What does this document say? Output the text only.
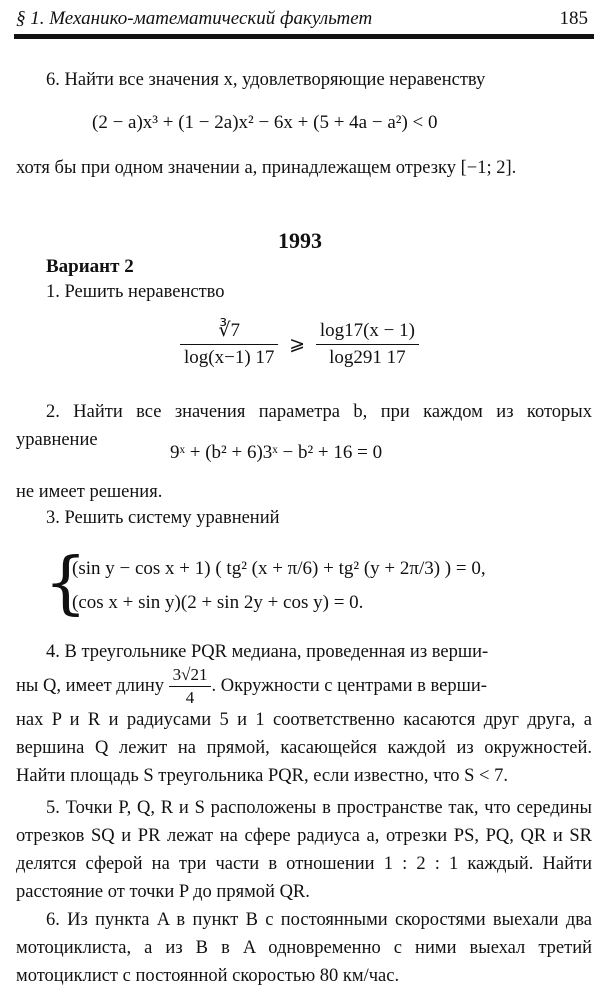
§ 1. Механико-математический факультет	185
6. Найти все значения x, удовлетворяющие неравенству
(2 − a)x³ + (1 − 2a)x² − 6x + (5 + 4a − a²) < 0
хотя бы при одном значении a, принадлежащем отрезку [−1; 2].
1993
Вариант 2
1. Решить неравенство
$\frac{∛7}{\log(x-1) 17}$ ⩾ $\frac{\log 17(x - 1)}{\log 291 17}$
2. Найти все значения параметра b, при каждом из которых уравнение
9ˣ + (b² + 6)3ˣ − b² + 16 = 0
не имеет решения.
3. Решить систему уравнений
{
(sin y − cos x + 1) ( tg² (x + π/6) + tg² (y + 2π/3) ) = 0,
(cos x + sin y)(2 + sin 2y + cos y) = 0.
4. В треугольнике PQR медиана, проведенная из верши-
ны Q, имеет длину $\frac{3√21}{4}$ . Окружности с центрами в верши-
нах P и R и радиусами 5 и 1 соответственно касаются друг друга, а вершина Q лежит на прямой, касающейся каждой из окружностей. Найти площадь S треугольника PQR, если известно, что S < 7.
5. Точки P, Q, R и S расположены в пространстве так, что середины отрезков SQ и PR лежат на сфере радиуса a, отрезки PS, PQ, QR и SR делятся сферой на три части в отношении 1 : 2 : 1 каждый. Найти расстояние от точки P до прямой QR.
6. Из пункта A в пункт B с постоянными скоростями выехали два мотоциклиста, а из B в A одновременно с ними выехал третий мотоциклист с постоянной скоростью 80 км/час.
